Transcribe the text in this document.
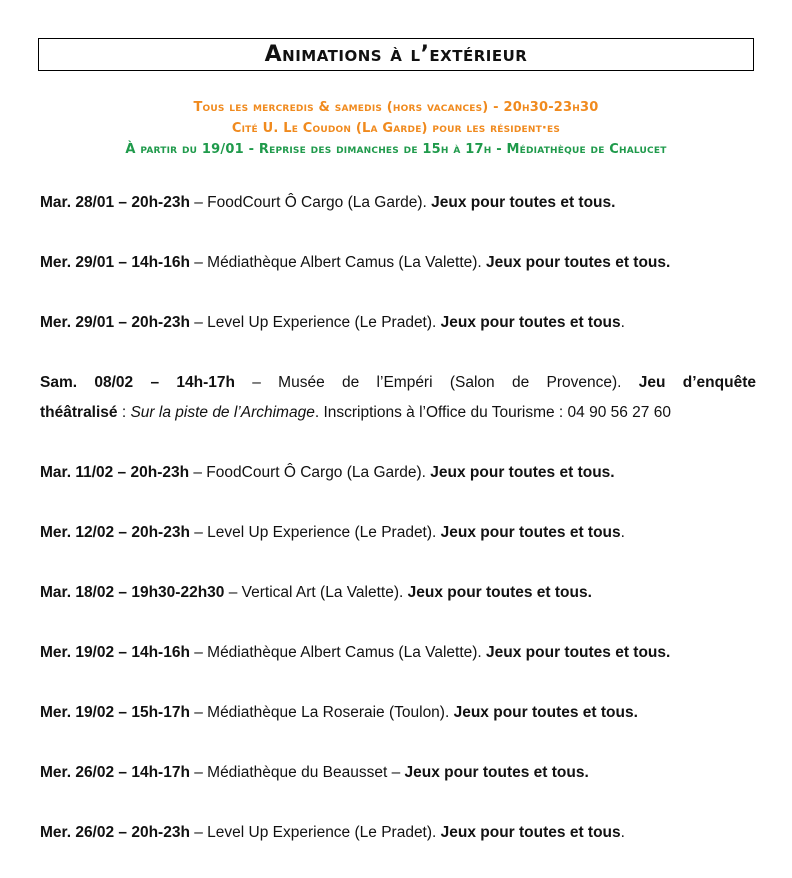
Animations à l’extérieur
Tous les mercredis & samedis (hors vacances) - 20h30-23h30
Cité U. Le Coudon (La Garde) pour les résident·es
À partir du 19/01 - Reprise des dimanches de 15h à 17h - Médiathèque de Chalucet
Mar. 28/01 – 20h-23h – FoodCourt Ô Cargo (La Garde). Jeux pour toutes et tous.
Mer. 29/01 – 14h-16h – Médiathèque Albert Camus (La Valette). Jeux pour toutes et tous.
Mer. 29/01 – 20h-23h – Level Up Experience (Le Pradet). Jeux pour toutes et tous.
Sam. 08/02 – 14h-17h – Musée de l’Empéri (Salon de Provence). Jeu d’enquête
théâtralisé : Sur la piste de l’Archimage. Inscriptions à l’Office du Tourisme : 04 90 56 27 60
Mar. 11/02 – 20h-23h – FoodCourt Ô Cargo (La Garde). Jeux pour toutes et tous.
Mer. 12/02 – 20h-23h – Level Up Experience (Le Pradet). Jeux pour toutes et tous.
Mar. 18/02 – 19h30-22h30 – Vertical Art (La Valette). Jeux pour toutes et tous.
Mer. 19/02 – 14h-16h – Médiathèque Albert Camus (La Valette). Jeux pour toutes et tous.
Mer. 19/02 – 15h-17h – Médiathèque La Roseraie (Toulon). Jeux pour toutes et tous.
Mer. 26/02 – 14h-17h – Médiathèque du Beausset – Jeux pour toutes et tous.
Mer. 26/02 – 20h-23h – Level Up Experience (Le Pradet). Jeux pour toutes et tous.
